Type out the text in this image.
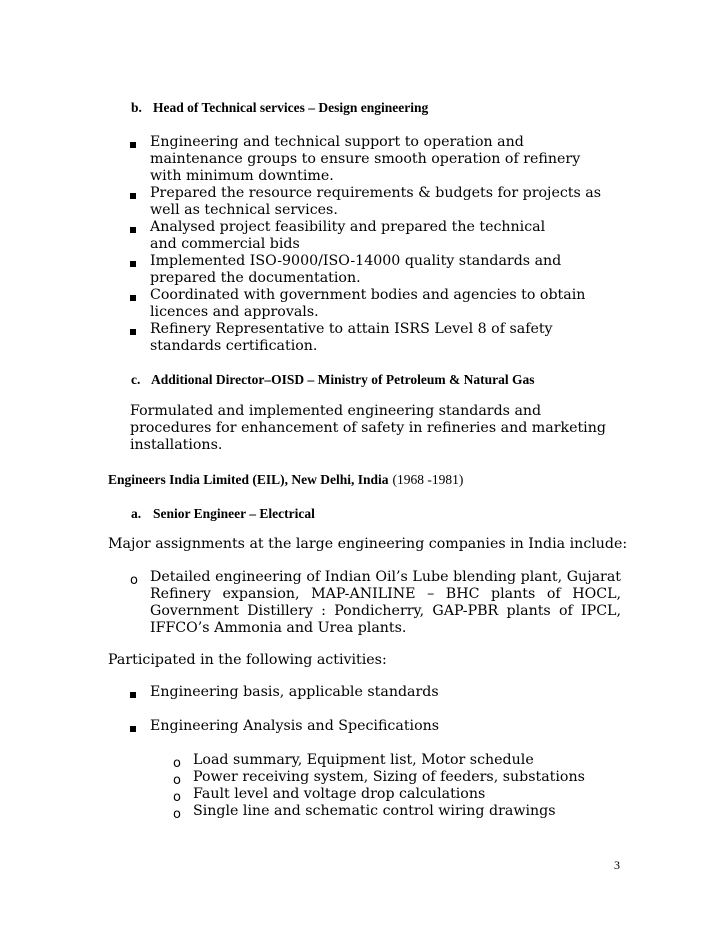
b. Head of Technical services – Design engineering
Engineering and technical support to operation and maintenance groups to ensure smooth operation of refinery with minimum downtime.
Prepared the resource requirements & budgets for projects as well as technical services.
Analysed project feasibility and prepared the technical and commercial bids
Implemented ISO-9000/ISO-14000 quality standards and prepared the documentation.
Coordinated with government bodies and agencies to obtain licences and approvals.
Refinery Representative to attain ISRS Level 8 of safety standards certification.
c. Additional Director–OISD – Ministry of Petroleum & Natural Gas
Formulated and implemented engineering standards and procedures for enhancement of safety in refineries and marketing installations.
Engineers India Limited (EIL), New Delhi, India (1968 -1981)
a. Senior Engineer – Electrical
Major assignments at the large engineering companies in India include:
o Detailed engineering of Indian Oil’s Lube blending plant, Gujarat Refinery expansion, MAP-ANILINE – BHC plants of HOCL, Government Distillery : Pondicherry, GAP-PBR plants of IPCL, IFFCO’s Ammonia and Urea plants.
Participated in the following activities:
Engineering basis, applicable standards
Engineering Analysis and Specifications
o Load summary, Equipment list, Motor schedule
o Power receiving system, Sizing of feeders, substations
o Fault level and voltage drop calculations
o Single line and schematic control wiring drawings
3
